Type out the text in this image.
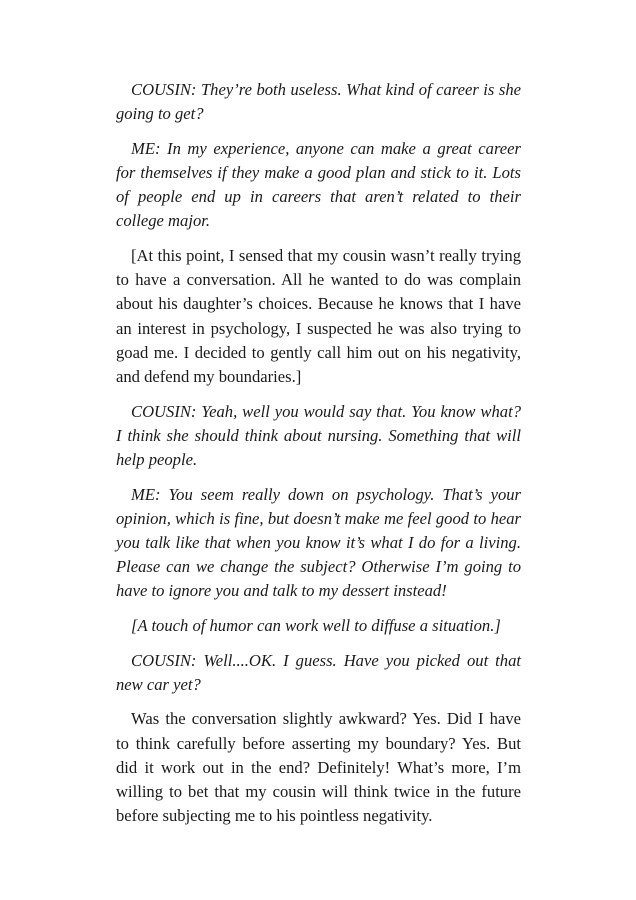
COUSIN: They’re both useless. What kind of career is she going to get?

ME: In my experience, anyone can make a great career for themselves if they make a good plan and stick to it. Lots of people end up in careers that aren’t related to their college major.

[At this point, I sensed that my cousin wasn’t really trying to have a conversation. All he wanted to do was complain about his daughter’s choices. Because he knows that I have an interest in psychology, I suspected he was also trying to goad me. I decided to gently call him out on his negativity, and defend my boundaries.]

COUSIN: Yeah, well you would say that. You know what? I think she should think about nursing. Something that will help people.

ME: You seem really down on psychology. That’s your opinion, which is fine, but doesn’t make me feel good to hear you talk like that when you know it’s what I do for a living. Please can we change the subject? Otherwise I’m going to have to ignore you and talk to my dessert instead!

[A touch of humor can work well to diffuse a situation.]

COUSIN: Well....OK. I guess. Have you picked out that new car yet?

Was the conversation slightly awkward? Yes. Did I have to think carefully before asserting my boundary? Yes. But did it work out in the end? Definitely! What’s more, I’m willing to bet that my cousin will think twice in the future before subjecting me to his pointless negativity.
